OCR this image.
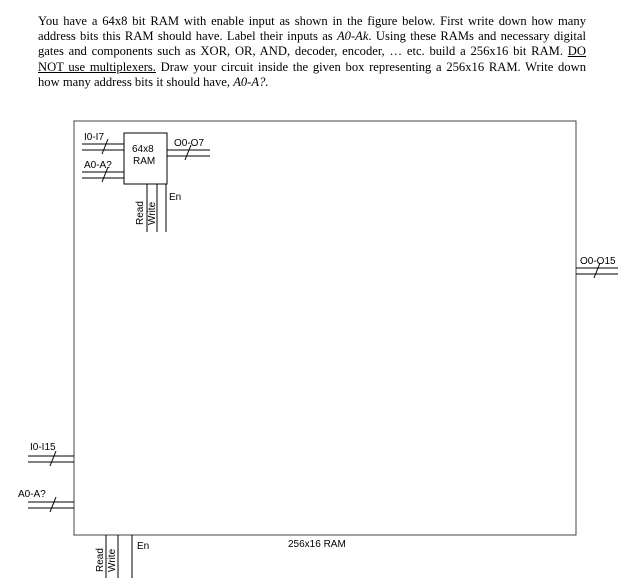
You have a 64x8 bit RAM with enable input as shown in the figure below. First write down how many address bits this RAM should have. Label their inputs as A0-Ak. Using these RAMs and necessary digital gates and components such as XOR, OR, AND, decoder, encoder, … etc. build a 256x16 bit RAM. DO NOT use multiplexers. Draw your circuit inside the given box representing a 256x16 RAM. Write down how many address bits it should have, A0-A?.
64x8
RAM
I0-I7
A0-A?
O0-O7
Read Write
En
256x16 RAM
I0-I15
A0-A?
O0-O15
Read Write
En
